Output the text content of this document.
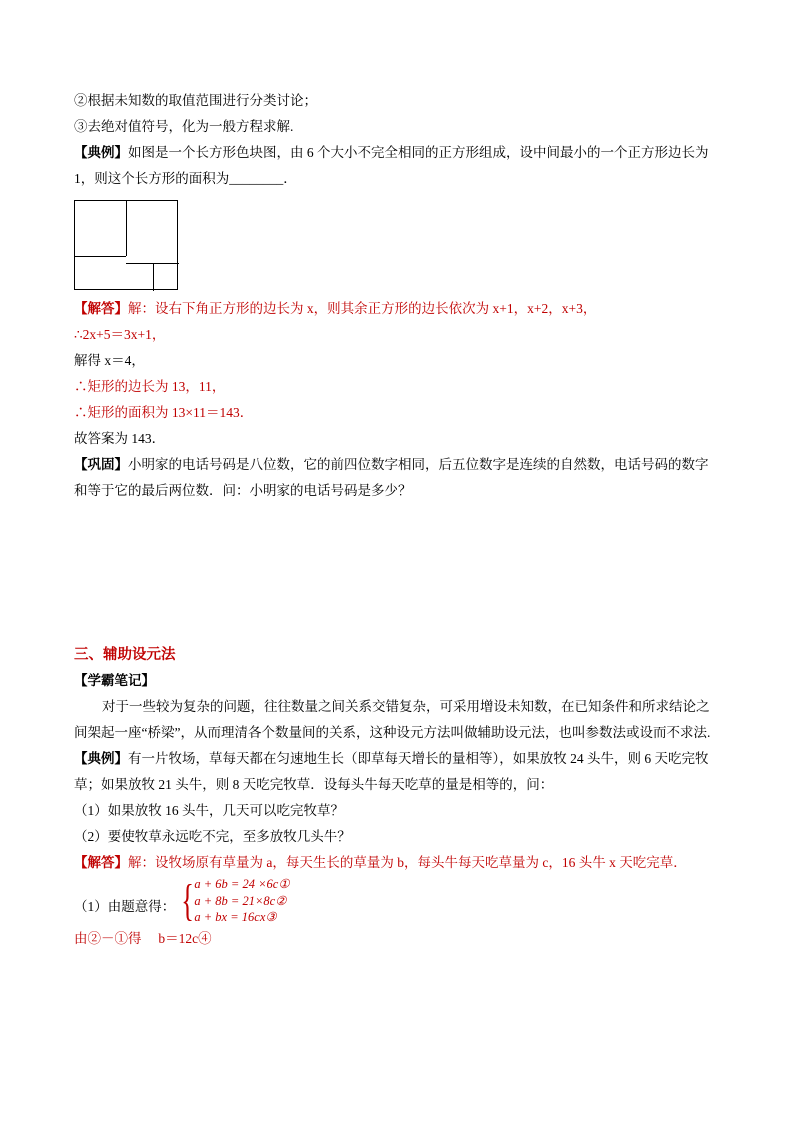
②根据未知数的取值范围进行分类讨论；

③去绝对值符号，化为一般方程求解.

【典例】如图是一个长方形色块图，由 6 个大小不完全相同的正方形组成，设中间最小的一个正方形边长为 1，则这个长方形的面积为________．

【解答】解：设右下角正方形的边长为 x，则其余正方形的边长依次为 x+1，x+2，x+3，

∴2x+5＝3x+1，

解得 x＝4，

∴矩形的边长为 13，11，

∴矩形的面积为 13×11＝143．

故答案为 143．

【巩固】小明家的电话号码是八位数，它的前四位数字相同，后五位数字是连续的自然数，电话号码的数字和等于它的最后两位数．问：小明家的电话号码是多少？

三、辅助设元法

【学霸笔记】

对于一些较为复杂的问题，往往数量之间关系交错复杂，可采用增设未知数，在已知条件和所求结论之间架起一座“桥梁”，从而理清各个数量间的关系，这种设元方法叫做辅助设元法，也叫参数法或设而不求法.

【典例】有一片牧场，草每天都在匀速地生长（即草每天增长的量相等），如果放牧 24 头牛，则 6 天吃完牧草；如果放牧 21 头牛，则 8 天吃完牧草．设每头牛每天吃草的量是相等的，问：

（1）如果放牧 16 头牛，几天可以吃完牧草？

（2）要使牧草永远吃不完，至多放牧几头牛？

【解答】解：设牧场原有草量为 a，每天生长的草量为 b，每头牛每天吃草量为 c，16 头牛 x 天吃完草．

（1）由题意得： { a + 6b = 24 ×6c①
a + 8b = 21×8c②
a + bx = 16cx③

由②－①得 b＝12c④
